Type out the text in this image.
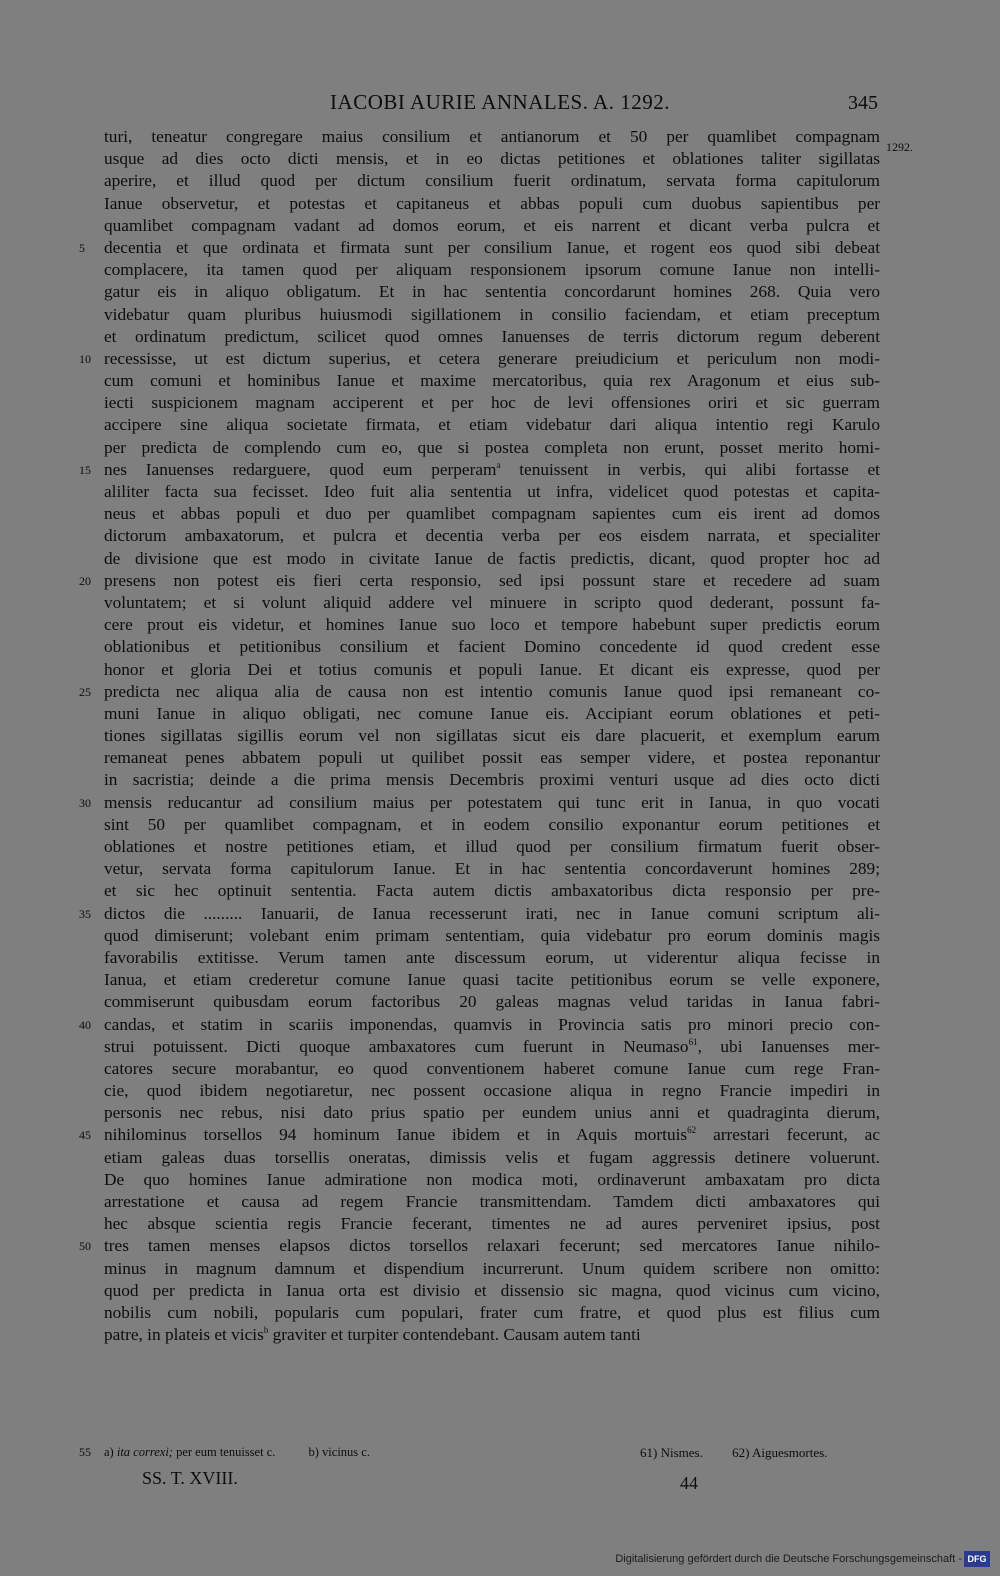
IACOBI AURIE ANNALES. A. 1292.	345
1292.
turi, teneatur congregare maius consilium et antianorum et 50 per quamlibet compagnam
usque ad dies octo dicti mensis, et in eo dictas petitiones et oblationes taliter sigillatas
aperire, et illud quod per dictum consilium fuerit ordinatum, servata forma capitulorum
Ianue observetur, et potestas et capitaneus et abbas populi cum duobus sapientibus per
quamlibet compagnam vadant ad domos eorum, et eis narrent et dicant verba pulcra et
5	decentia et que ordinata et firmata sunt per consilium Ianue, et rogent eos quod sibi debeat
complacere, ita tamen quod per aliquam responsionem ipsorum comune Ianue non intelli-
gatur eis in aliquo obligatum. Et in hac sententia concordarunt homines 268. Quia vero
videbatur quam pluribus huiusmodi sigillationem in consilio faciendam, et etiam preceptum
et ordinatum predictum, scilicet quod omnes Ianuenses de terris dictorum regum deberent
10 recessisse, ut est dictum superius, et cetera generare preiudicium et periculum non modi-
cum comuni et hominibus Ianue et maxime mercatoribus, quia rex Aragonum et eius sub-
iecti suspicionem magnam acciperent et per hoc de levi offensiones oriri et sic guerram
accipere sine aliqua societate firmata, et etiam videbatur dari aliqua intentio regi Karulo
per predicta de complendo cum eo, que si postea completa non erunt, posset merito homi-
15 nes Ianuenses redarguere, quod eum perperam$^a$ tenuissent in verbis, qui alibi fortasse et
aliliter facta sua fecisset. Ideo fuit alia sententia ut infra, videlicet quod potestas et capita-
neus et abbas populi et duo per quamlibet compagnam sapientes cum eis irent ad domos
dictorum ambaxatorum, et pulcra et decentia verba per eos eisdem narrata, et specialiter
de divisione que est modo in civitate Ianue de factis predictis, dicant, quod propter hoc ad
20 presens non potest eis fieri certa responsio, sed ipsi possunt stare et recedere ad suam
voluntatem; et si volunt aliquid addere vel minuere in scripto quod dederant, possunt fa-
cere prout eis videtur, et homines Ianue suo loco et tempore habebunt super predictis eorum
oblationibus et petitionibus consilium et facient Domino concedente id quod credent esse
honor et gloria Dei et totius comunis et populi Ianue. Et dicant eis expresse, quod per
25 predicta nec aliqua alia de causa non est intentio comunis Ianue quod ipsi remaneant co-
muni Ianue in aliquo obligati, nec comune Ianue eis. Accipiant eorum oblationes et peti-
tiones sigillatas sigillis eorum vel non sigillatas sicut eis dare placuerit, et exemplum earum
remaneat penes abbatem populi ut quilibet possit eas semper videre, et postea reponantur
in sacristia; deinde a die prima mensis Decembris proximi venturi usque ad dies octo dicti
30 mensis reducantur ad consilium maius per potestatem qui tunc erit in Ianua, in quo vocati
sint 50 per quamlibet compagnam, et in eodem consilio exponantur eorum petitiones et
oblationes et nostre petitiones etiam, et illud quod per consilium firmatum fuerit obser-
vetur, servata forma capitulorum Ianue. Et in hac sententia concordaverunt homines 289;
et sic hec optinuit sententia. Facta autem dictis ambaxatoribus dicta responsio per pre-
35 dictos die ......... Ianuarii, de Ianua recesserunt irati, nec in Ianue comuni scriptum ali-
quod dimiserunt; volebant enim primam sententiam, quia videbatur pro eorum dominis magis
favorabilis extitisse. Verum tamen ante discessum eorum, ut viderentur aliqua fecisse in
Ianua, et etiam crederetur comune Ianue quasi tacite petitionibus eorum se velle exponere,
commiserunt quibusdam eorum factoribus 20 galeas magnas velud taridas in Ianua fabri-
40 candas, et statim in scariis imponendas, quamvis in Provincia satis pro minori precio con-
strui potuissent. Dicti quoque ambaxatores cum fuerunt in Neumaso$^{61}$, ubi Ianuenses mer-
catores secure morabantur, eo quod conventionem haberet comune Ianue cum rege Fran-
cie, quod ibidem negotiaretur, nec possent occasione aliqua in regno Francie impediri in
personis nec rebus, nisi dato prius spatio per eundem unius anni et quadraginta dierum,
45 nihilominus torsellos 94 hominum Ianue ibidem et in Aquis mortuis$^{62}$ arrestari fecerunt, ac
etiam galeas duas torsellis oneratas, dimissis velis et fugam aggressis detinere voluerunt.
De quo homines Ianue admiratione non modica moti, ordinaverunt ambaxatam pro dicta
arrestatione et causa ad regem Francie transmittendam. Tamdem dicti ambaxatores qui
hec absque scientia regis Francie fecerant, timentes ne ad aures perveniret ipsius, post
50 tres tamen menses elapsos dictos torsellos relaxari fecerunt; sed mercatores Ianue nihilo-
minus in magnum damnum et dispendium incurrerunt. Unum quidem scribere non omitto:
quod per predicta in Ianua orta est divisio et dissensio sic magna, quod vicinus cum vicino,
nobilis cum nobili, popularis cum populari, frater cum fratre, et quod plus est filius cum
patre, in plateis et vicis$^b$ graviter et turpiter contendebant. Causam autem tanti
55 a) ita correxi; per eum tenuisset c.	b) vicinus c.	61) Nismes. 62) Aiguesmortes.
SS. T. XVIII.	44
Digitalisierung gefördert durch die Deutsche Forschungsgemeinschaft - DFG
